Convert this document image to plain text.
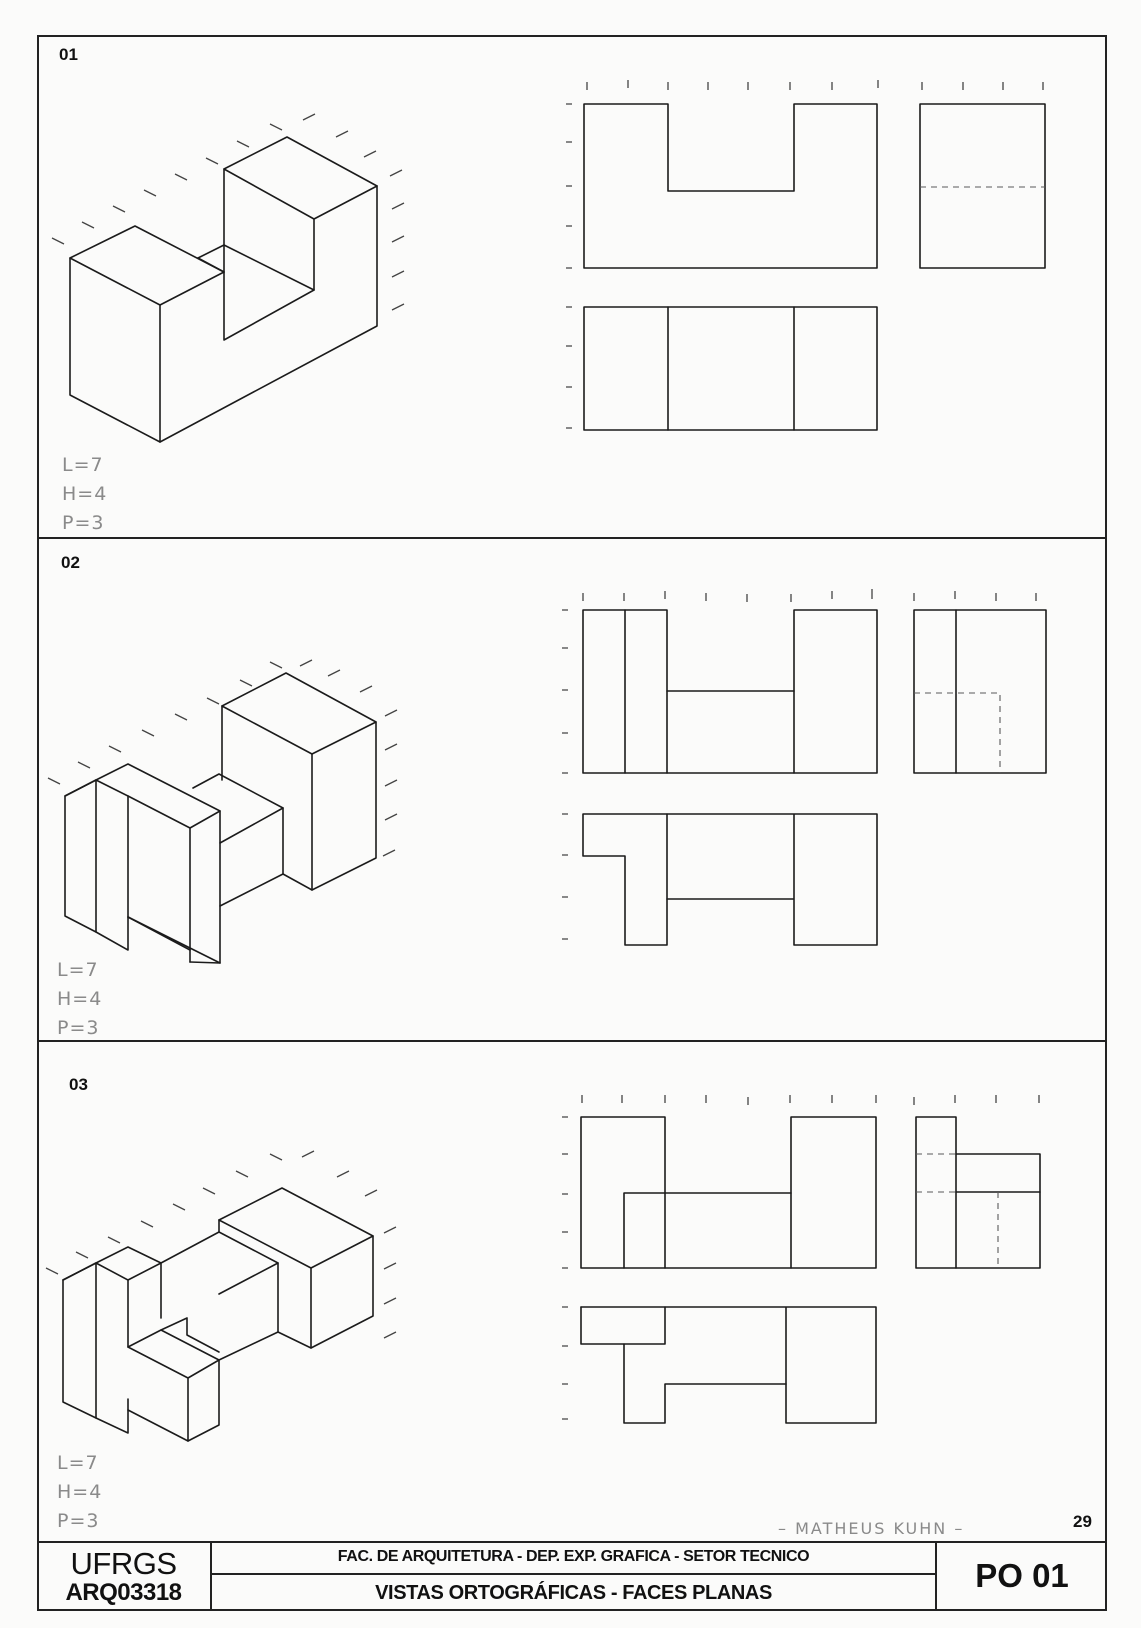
01
L=7
H=4
P=3
02
L=7
H=4
P=3
03
L=7
H=4
P=3	– MATHEUS KUHN –	29
UFRGS
ARQ03318
FAC. DE ARQUITETURA - DEP. EXP. GRAFICA - SETOR TECNICO
VISTAS ORTOGRÁFICAS - FACES PLANAS	PO 01
